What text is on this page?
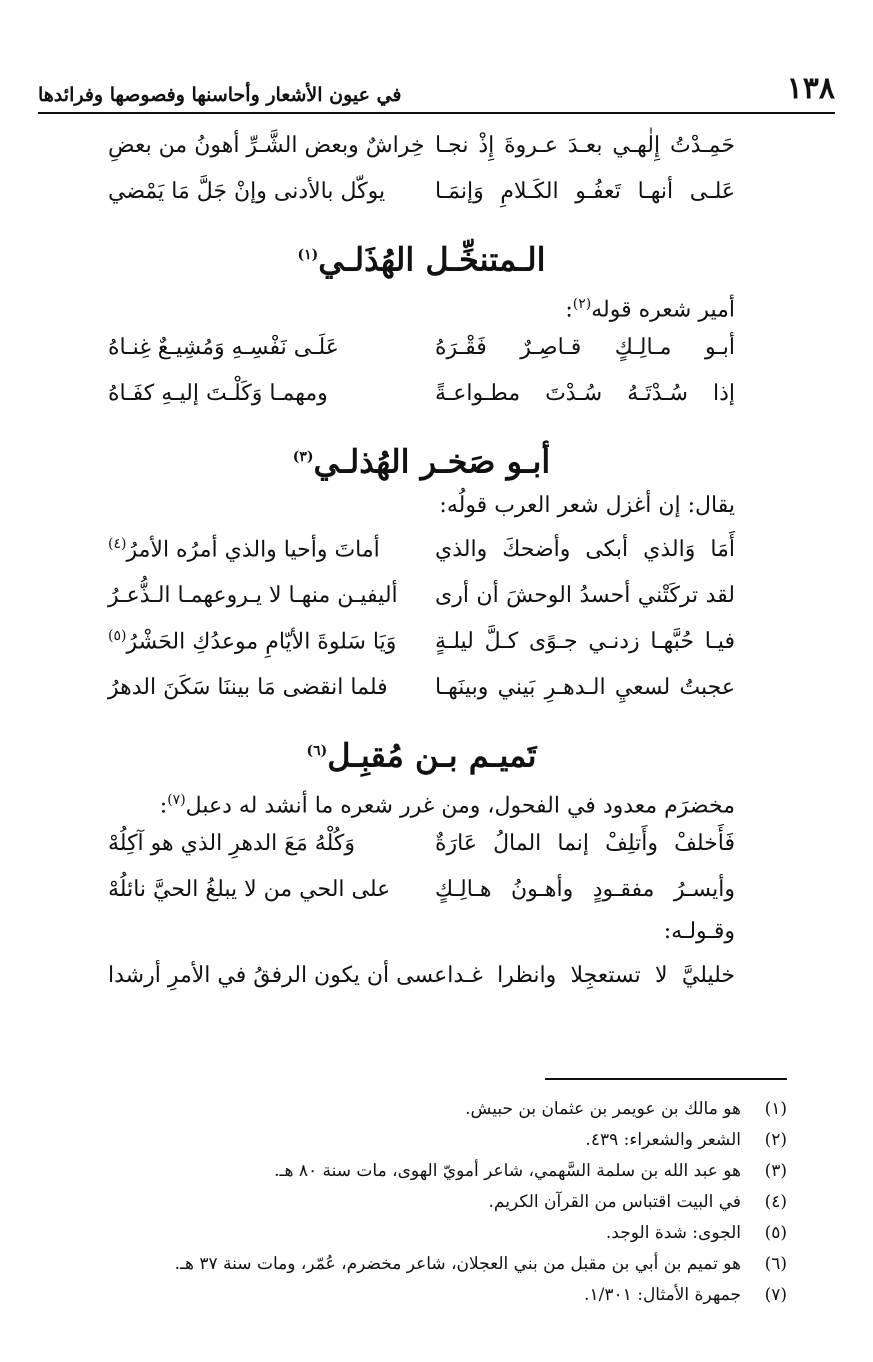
١٣٨
في عيون الأشعار وأحاسنها وفصوصها وفرائدها
حَمِـدْتُ إِلٰهـي بعـدَ عـروةَ إِذْ نجـا
خِراشٌ وبعض الشَّـرِّ أهونُ من بعضِ
عَلـى أنهـا تَعفُـو الكَـلامِ وَإنمَـا
يوكّل بالأدنى وإنْ جَلَّ مَا يَمْضي
الـمتنخِّـل الهُذَلـي$^{(١)}$
أمير شعره قوله$^{(٢)}$:
أبـو مـالِـكٍ قـاصِـرٌ فَقْـرَهُ
عَلَـى نَفْسِـهِ وَمُشِيـعٌ غِنـاهُ
إذا سُـدْتَـهُ سُـدْتَ مطـواعـةً
ومهمـا وَكَلْـتَ إليـهِ كفَـاهُ
أبـو صَخـر الهُذلـي$^{(٣)}$
يقال: إن أغزل شعر العرب قولُه:
أَمَا وَالذي أبكى وأضحكَ والذي
أماتَ وأحيا والذي أمرُه الأمرُ$^{(٤)}$
لقد تركَتْني أحسدُ الوحشَ أن أرى
أليفيـن منهـا لا يـروعهمـا الـذُّعـرُ
فيـا حُبَّهـا زدنـي جـوًى كـلَّ ليلـةٍ
وَيَا سَلوةَ الأيّامِ موعدُكِ الحَشْرُ$^{(٥)}$
عجبتُ لسعيِ الـدهـرِ بَيني وبينَهـا
فلما انقضى مَا بيننَا سَكَنَ الدهرُ
تَميـم بـن مُقبِـل$^{(٦)}$
مخضرَم معدود في الفحول، ومن غرر شعره ما أنشد له دعبل$^{(٧)}$:
فَأَخلفْ وأَتلِفْ إنما المالُ عَارَةٌ
وَكُلْهُ مَعَ الدهرِ الذي هو آكِلُهْ
وأيسـرُ مفقـودٍ وأهـونُ هـالِـكٍ
على الحي من لا يبلغُ الحيَّ نائلُهْ
وقـولـه:
خليليَّ لا تستعجِلا وانظرا غـدا
عسى أن يكون الرفقُ في الأمرِ أرشدا
(١)
هو مالك بن عويمر بن عثمان بن حبيش.
(٢)
الشعر والشعراء: ٤٣٩.
(٣)
هو عبد الله بن سلمة السَّهمي، شاعر أمويّ الهوى، مات سنة ٨٠ هـ.
(٤)
في البيت اقتباس من القرآن الكريم.
(٥)
الجوى: شدة الوجد.
(٦)
هو تميم بن أبي بن مقبل من بني العجلان، شاعر مخضرم، عُمّر، ومات سنة ٣٧ هـ.
(٧)
جمهرة الأمثال: ١/٣٠١.
